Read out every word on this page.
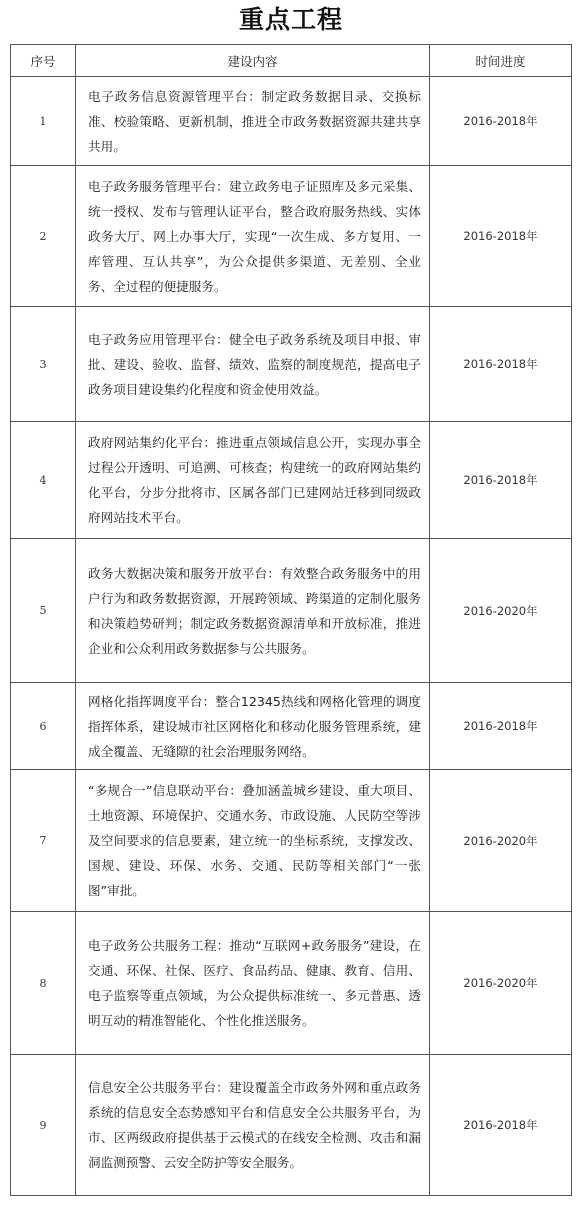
重点工程
序号	建设内容	时间进度
1	电子政务信息资源管理平台：制定政务数据目录、交换标准、校验策略、更新机制，推进全市政务数据资源共建共享共用。	2016-2018年
2	电子政务服务管理平台：建立政务电子证照库及多元采集、统一授权、发布与管理认证平台，整合政府服务热线、实体政务大厅、网上办事大厅，实现“一次生成、多方复用、一库管理、互认共享”，为公众提供多渠道、无差别、全业务、全过程的便捷服务。	2016-2018年
3	电子政务应用管理平台：健全电子政务系统及项目申报、审批、建设、验收、监督、绩效、监察的制度规范，提高电子政务项目建设集约化程度和资金使用效益。	2016-2018年
4	政府网站集约化平台：推进重点领域信息公开，实现办事全过程公开透明、可追溯、可核查；构建统一的政府网站集约化平台，分步分批将市、区属各部门已建网站迁移到同级政府网站技术平台。	2016-2018年
5	政务大数据决策和服务开放平台：有效整合政务服务中的用户行为和政务数据资源，开展跨领域、跨渠道的定制化服务和决策趋势研判；制定政务数据资源清单和开放标准，推进企业和公众利用政务数据参与公共服务。	2016-2020年
6	网格化指挥调度平台：整合12345热线和网格化管理的调度指挥体系，建设城市社区网格化和移动化服务管理系统，建成全覆盖、无缝隙的社会治理服务网络。	2016-2018年
7	“多规合一”信息联动平台：叠加涵盖城乡建设、重大项目、土地资源、环境保护、交通水务、市政设施、人民防空等涉及空间要求的信息要素，建立统一的坐标系统，支撑发改、国规、建设、环保、水务、交通、民防等相关部门“一张图”审批。	2016-2020年
8	电子政务公共服务工程：推动“互联网+政务服务”建设，在交通、环保、社保、医疗、食品药品、健康、教育、信用、电子监察等重点领域，为公众提供标准统一、多元普惠、透明互动的精准智能化、个性化推送服务。	2016-2020年
9	信息安全公共服务平台：建设覆盖全市政务外网和重点政务系统的信息安全态势感知平台和信息安全公共服务平台，为市、区两级政府提供基于云模式的在线安全检测、攻击和漏洞监测预警、云安全防护等安全服务。	2016-2018年
